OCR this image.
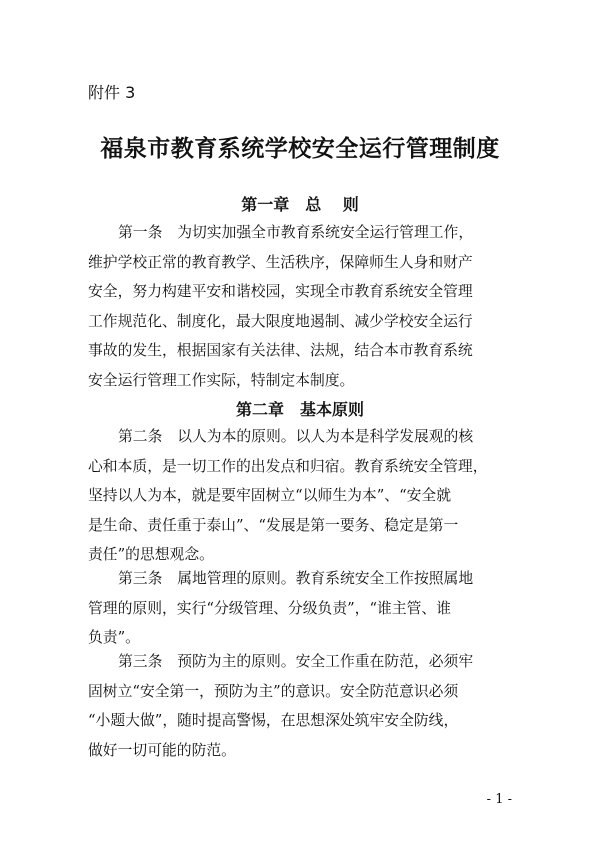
附件 3
福泉市教育系统学校安全运行管理制度
第一章　总　 则
第一条　为切实加强全市教育系统安全运行管理工作，
维护学校正常的教育教学、生活秩序，保障师生人身和财产
安全，努力构建平安和谐校园，实现全市教育系统安全管理
工作规范化、制度化，最大限度地遏制、减少学校安全运行
事故的发生，根据国家有关法律、法规，结合本市教育系统
安全运行管理工作实际，特制定本制度。
第二章　基本原则
第二条　以人为本的原则。以人为本是科学发展观的核
心和本质，是一切工作的出发点和归宿。教育系统安全管理，
坚持以人为本，就是要牢固树立“以师生为本”、“安全就
是生命、责任重于泰山”、“发展是第一要务、稳定是第一
责任”的思想观念。
第三条　属地管理的原则。教育系统安全工作按照属地
管理的原则，实行“分级管理、分级负责”，“谁主管、谁
负责”。
第三条　预防为主的原则。安全工作重在防范，必须牢
固树立“安全第一，预防为主”的意识。安全防范意识必须
“小题大做”，随时提高警惕，在思想深处筑牢安全防线，
做好一切可能的防范。
- 1 -
